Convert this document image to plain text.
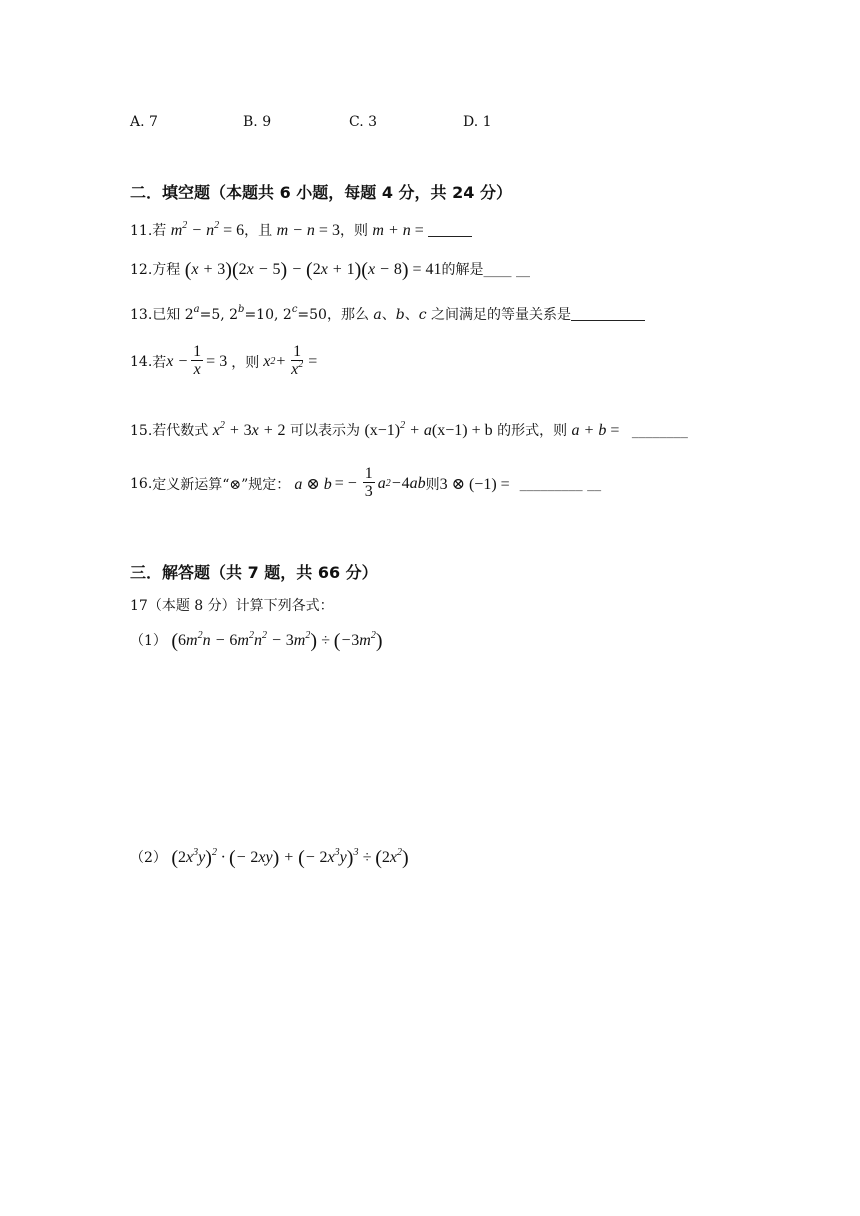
A. 7	B. 9	C. 3	D. 1
二．填空题（本题共 6 小题，每题 4 分，共 24 分）
11.若 $m^2 - n^2 = 6$，且 m − n = 3，则 m + n =
12.方程 (x + 3)(2x − 5) − (2x + 1)(x − 8) = 41的解是____ __
13.已知 $2^a=5$, $2^b=10$, $2^c=50$，那么 a、b、c 之间满足的等量关系是
14. 若 $x - \frac{1}{x} = 3$ ，则 x $2 + \frac{1}{x^2}$ =
15.若代数式 $x^2 + 3x + 2$ 可以表示为 $(x-1)^2 + a(x-1) + b$ 的形式，则 a + b = ________
16. 定义新运算“⊗”规定： a ⊗ b = − $\frac{1}{3}$ a 2 − 4 ab 则 3 ⊗ (−1) = _________ __
三．解答题（共 7 题，共 66 分）
17（本题 8 分）计算下列各式：
（1） $(6m^2n - 6m^2n^2 - 3m^2) \div (-3m^2)$
（2） $(2x^3y)^2$ · (− 2xy) + (− $2x^3y)^3 \div (2x^2)$
